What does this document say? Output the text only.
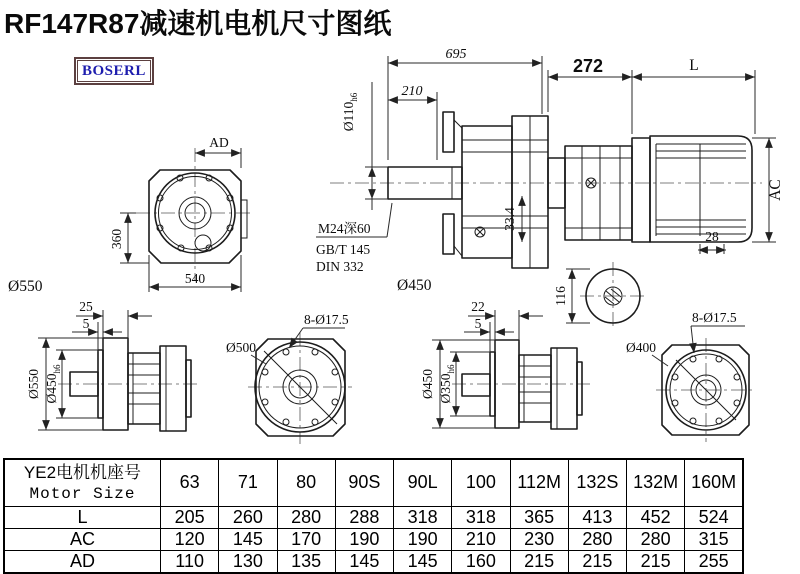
RF147R87减速机电机尺寸图纸
BOSERL
AD
360
540
Ø550
$Ø110_{h6}$
33.4
695
210
M24深60
GB/T 145
DIN 332
Ø450
272	L
AC
28
116
25
5
Ø550 $Ø450_{h6}$
Ø500
8-Ø17.5
22
5
Ø450 $Ø350_{h6}$
8-Ø17.5
Ø400
YE2电机机座号
Motor Size	63	71	80	90S	90L	100	112M	132S	132M	160M
L	205	260	280	288	318	318	365	413	452	524
AC	120	145	170	190	190	210	230	280	280	315
AD	110	130	135	145	145	160	215	215	215	255
